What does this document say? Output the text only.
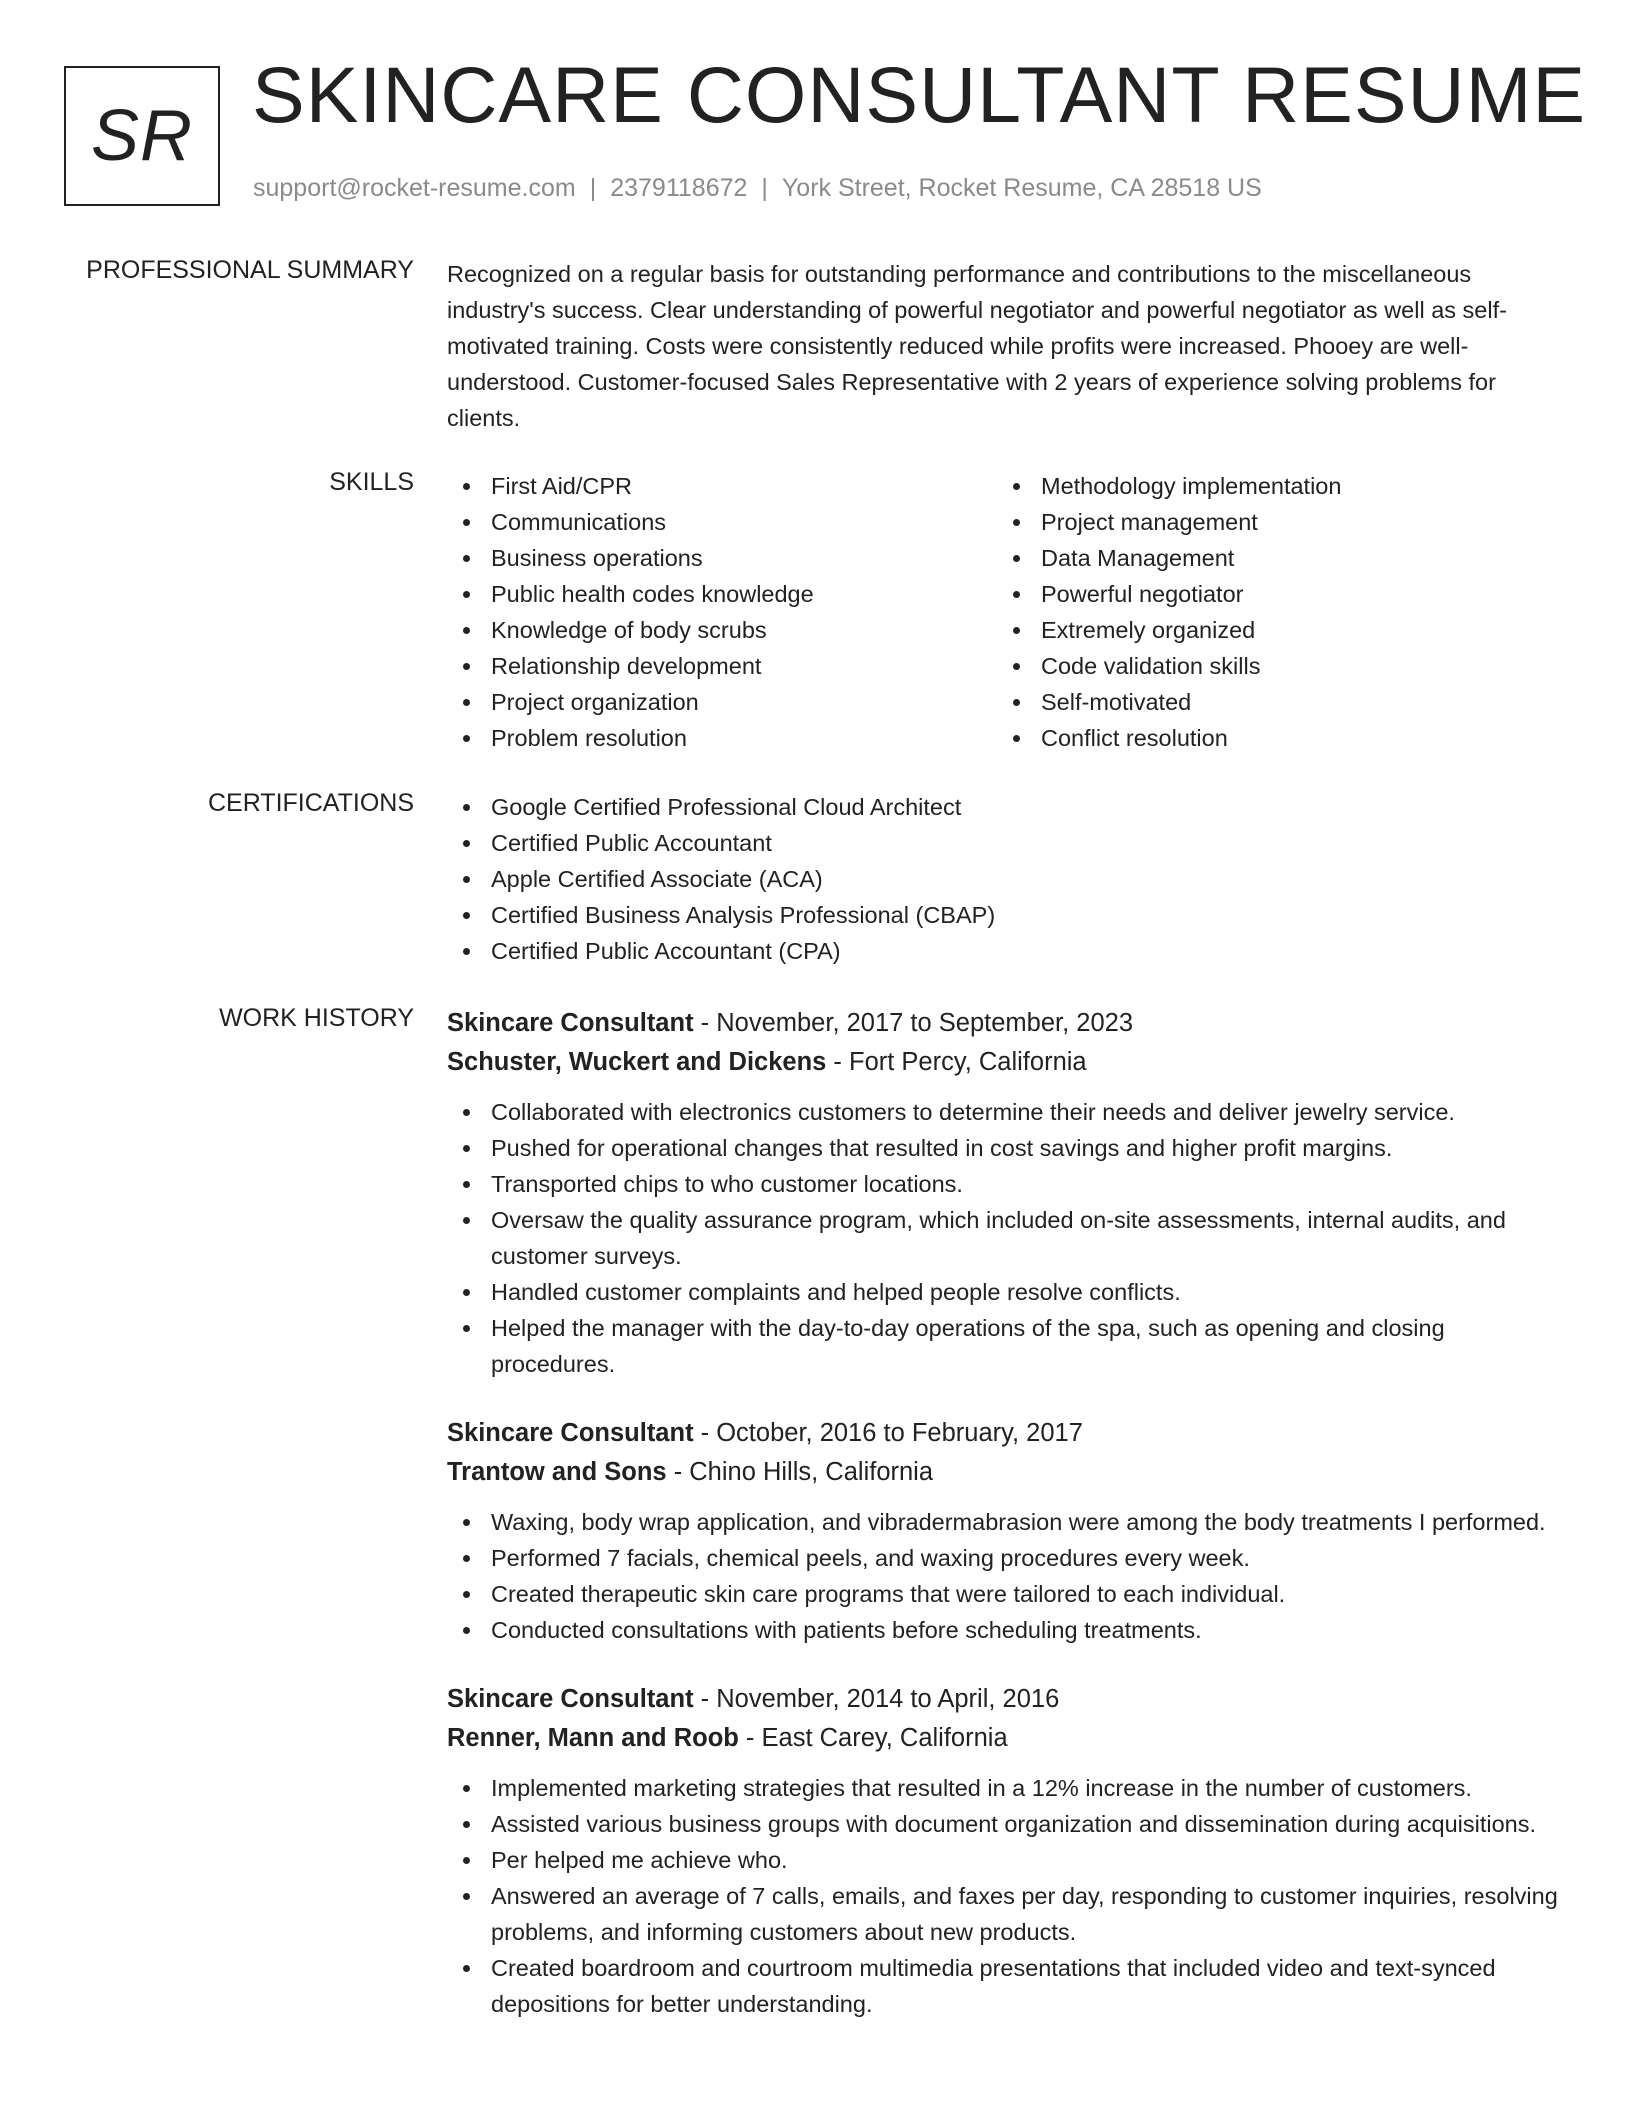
SR SKINCARE CONSULTANT RESUME
support@rocket-resume.com | 2379118672 | York Street, Rocket Resume, CA 28518 US
PROFESSIONAL SUMMARY Recognized on a regular basis for outstanding performance and contributions to the miscellaneous industry's success. Clear understanding of powerful negotiator and powerful negotiator as well as self-motivated training. Costs were consistently reduced while profits were increased. Phooey are well-understood. Customer-focused Sales Representative with 2 years of experience solving problems for clients.

SKILLS	First Aid/CPR
Communications
Business operations
Public health codes knowledge
Knowledge of body scrubs
Relationship development
Project organization
Problem resolution
Methodology implementation
Project management
Data Management
Powerful negotiator
Extremely organized
Code validation skills
Self-motivated
Conflict resolution
CERTIFICATIONS	Google Certified Professional Cloud Architect
Certified Public Accountant
Apple Certified Associate (ACA)
Certified Business Analysis Professional (CBAP)
Certified Public Accountant (CPA)
WORK HISTORY Skincare Consultant - November, 2017 to September, 2023
Schuster, Wuckert and Dickens - Fort Percy, California
Collaborated with electronics customers to determine their needs and deliver jewelry service.
Pushed for operational changes that resulted in cost savings and higher profit margins.
Transported chips to who customer locations.
Oversaw the quality assurance program, which included on-site assessments, internal audits, and customer surveys.
Handled customer complaints and helped people resolve conflicts.
Helped the manager with the day-to-day operations of the spa, such as opening and closing procedures.
Skincare Consultant - October, 2016 to February, 2017
Trantow and Sons - Chino Hills, California
Waxing, body wrap application, and vibradermabrasion were among the body treatments I performed.
Performed 7 facials, chemical peels, and waxing procedures every week.
Created therapeutic skin care programs that were tailored to each individual.
Conducted consultations with patients before scheduling treatments.
Skincare Consultant - November, 2014 to April, 2016
Renner, Mann and Roob - East Carey, California
Implemented marketing strategies that resulted in a 12% increase in the number of customers.
Assisted various business groups with document organization and dissemination during acquisitions.
Per helped me achieve who.
Answered an average of 7 calls, emails, and faxes per day, responding to customer inquiries, resolving problems, and informing customers about new products.
Created boardroom and courtroom multimedia presentations that included video and text-synced depositions for better understanding.
